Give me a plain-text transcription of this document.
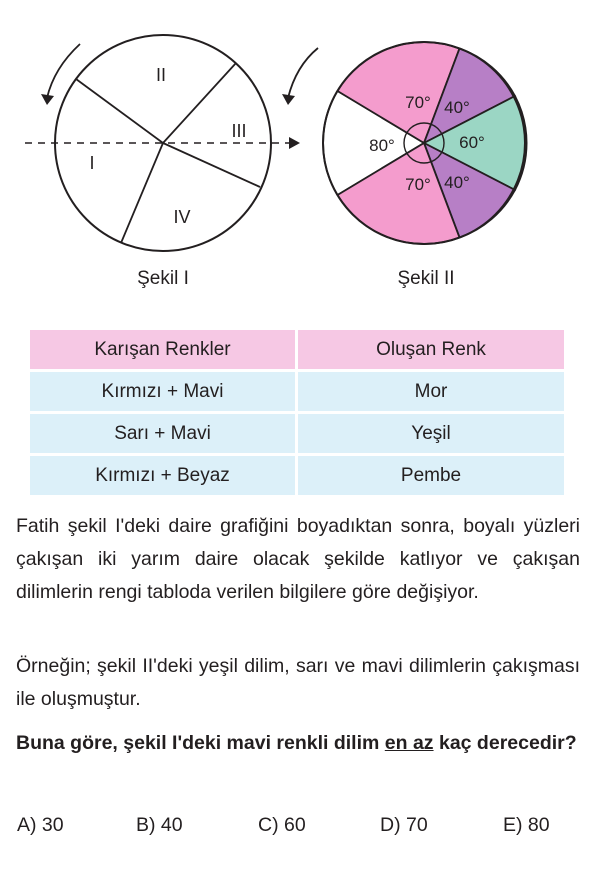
II
I
III
IV
Şekil I
80°
70° 40°
60°
70° 40°
Şekil II
Karışan Renkler	Oluşan Renk
Kırmızı + Mavi	Mor
Sarı + Mavi	Yeşil
Kırmızı + Beyaz	Pembe

Fatih şekil I'deki daire grafiğini boyadıktan sonra, boyalı yüzleri çakışan iki yarım daire olacak şekilde katlıyor ve çakışan dilimlerin rengi tabloda verilen bilgilere göre değişiyor.

Örneğin; şekil II'deki yeşil dilim, sarı ve mavi dilimlerin çakışması ile oluşmuştur.

Buna göre, şekil I'deki mavi renkli dilim en az kaç derecedir?

A) 30	B) 40	C) 60	D) 70	E) 80
